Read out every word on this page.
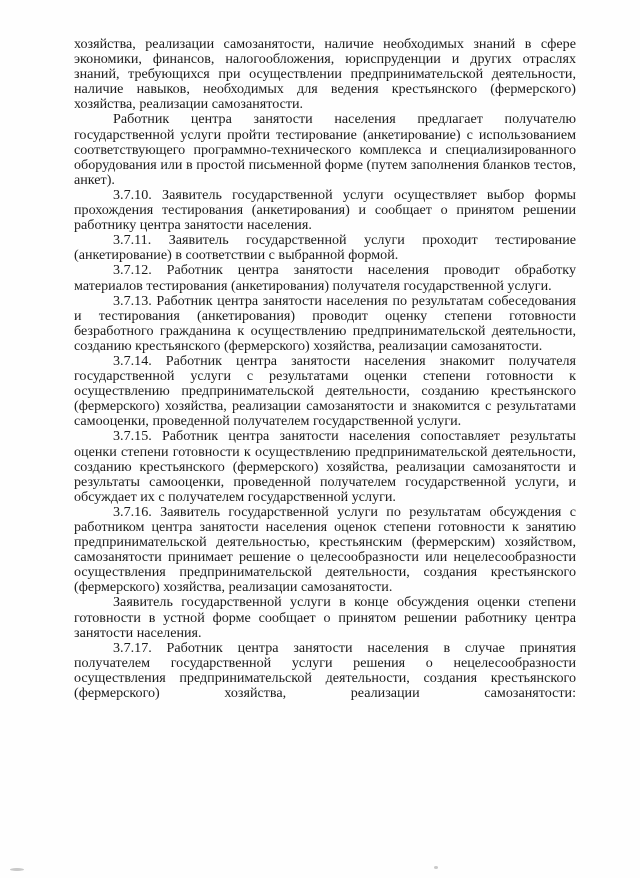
хозяйства, реализации самозанятости, наличие необходимых знаний в сфере экономики, финансов, налогообложения, юриспруденции и других отраслях знаний, требующихся при осуществлении предпринимательской деятельности, наличие навыков, необходимых для ведения крестьянского (фермерского) хозяйства, реализации самозанятости.

Работник центра занятости населения предлагает получателю государственной услуги пройти тестирование (анкетирование) с использованием соответствующего программно-технического комплекса и специализированного оборудования или в простой письменной форме (путем заполнения бланков тестов, анкет).

3.7.10. Заявитель государственной услуги осуществляет выбор формы прохождения тестирования (анкетирования) и сообщает о принятом решении работнику центра занятости населения.

3.7.11. Заявитель государственной услуги проходит тестирование (анкетирование) в соответствии с выбранной формой.

3.7.12. Работник центра занятости населения проводит обработку материалов тестирования (анкетирования) получателя государственной услуги.

3.7.13. Работник центра занятости населения по результатам собеседования и тестирования (анкетирования) проводит оценку степени готовности безработного гражданина к осуществлению предпринимательской деятельности, созданию крестьянского (фермерского) хозяйства, реализации самозанятости.

3.7.14. Работник центра занятости населения знакомит получателя государственной услуги с результатами оценки степени готовности к осуществлению предпринимательской деятельности, созданию крестьянского (фермерского) хозяйства, реализации самозанятости и знакомится с результатами самооценки, проведенной получателем государственной услуги.

3.7.15. Работник центра занятости населения сопоставляет результаты оценки степени готовности к осуществлению предпринимательской деятельности, созданию крестьянского (фермерского) хозяйства, реализации самозанятости и результаты самооценки, проведенной получателем государственной услуги, и обсуждает их с получателем государственной услуги.

3.7.16. Заявитель государственной услуги по результатам обсуждения с работником центра занятости населения оценок степени готовности к занятию предпринимательской деятельностью, крестьянским (фермерским) хозяйством, самозанятости принимает решение о целесообразности или нецелесообразности осуществления предпринимательской деятельности, создания крестьянского (фермерского) хозяйства, реализации самозанятости.

Заявитель государственной услуги в конце обсуждения оценки степени готовности в устной форме сообщает о принятом решении работнику центра занятости населения.

3.7.17. Работник центра занятости населения в случае принятия получателем государственной услуги решения о нецелесообразности осуществления предпринимательской деятельности, создания крестьянского (фермерского) хозяйства, реализации самозанятости:
